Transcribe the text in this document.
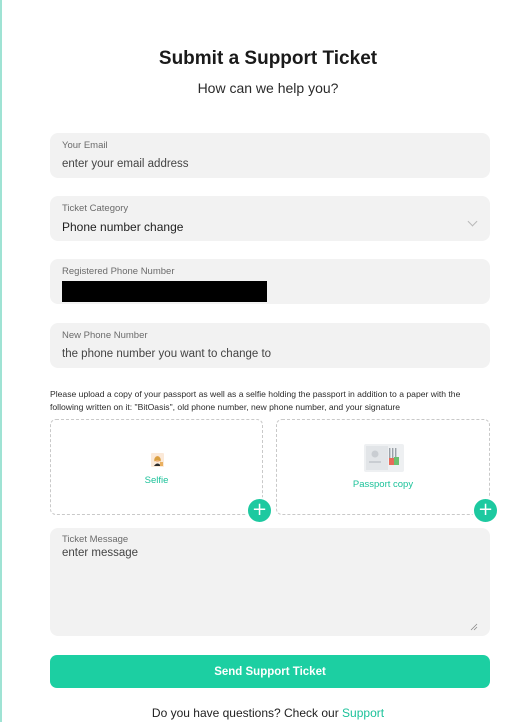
Submit a Support Ticket
How can we help you?
Your Email
enter your email address
Ticket Category
Phone number change
Registered Phone Number
New Phone Number
the phone number you want to change to
Please upload a copy of your passport as well as a selfie holding the passport in addition to a paper with the following written on it: "BitOasis", old phone number, new phone number, and your signature
Selfie
+
Passport copy
+
Ticket Message
enter message
Send Support Ticket
Do you have questions? Check our Support
